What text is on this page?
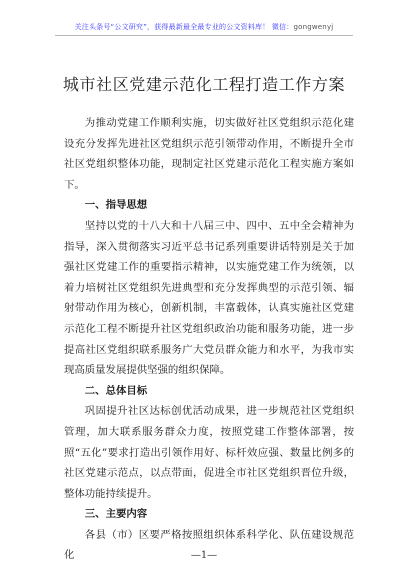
关注头条号“公文研究”，获得最新最全最专业的公文资料库！ 微信：gongwenyj
城市社区党建示范化工程打造工作方案

为推动党建工作顺利实施，切实做好社区党组织示范化建设充分发挥先进社区党组织示范引领带动作用，不断提升全市社区党组织整体功能，现制定社区党建示范化工程实施方案如下。

一、指导思想

坚持以党的十八大和十八届三中、四中、五中全会精神为指导，深入贯彻落实习近平总书记系列重要讲话特别是关于加强社区党建工作的重要指示精神，以实施党建工作为统领，以着力培树社区党组织先进典型和充分发挥典型的示范引领、辐射带动作用为核心，创新机制，丰富载体，认真实施社区党建示范化工程不断提升社区党组织政治功能和服务功能，进一步提高社区党组织联系服务广大党员群众能力和水平，为我市实现高质量发展提供坚强的组织保障。

二、总体目标

巩固提升社区达标创优活动成果，进一步规范社区党组织管理，加大联系服务群众力度，按照党建工作整体部署，按照“五化”要求打造出引领作用好、标杆效应强、数量比例多的社区党建示范点，以点带面，促进全市社区党组织晋位升级，整体功能持续提升。

三、主要内容

各县（市）区要严格按照组织体系科学化、队伍建设规范化	—1—
